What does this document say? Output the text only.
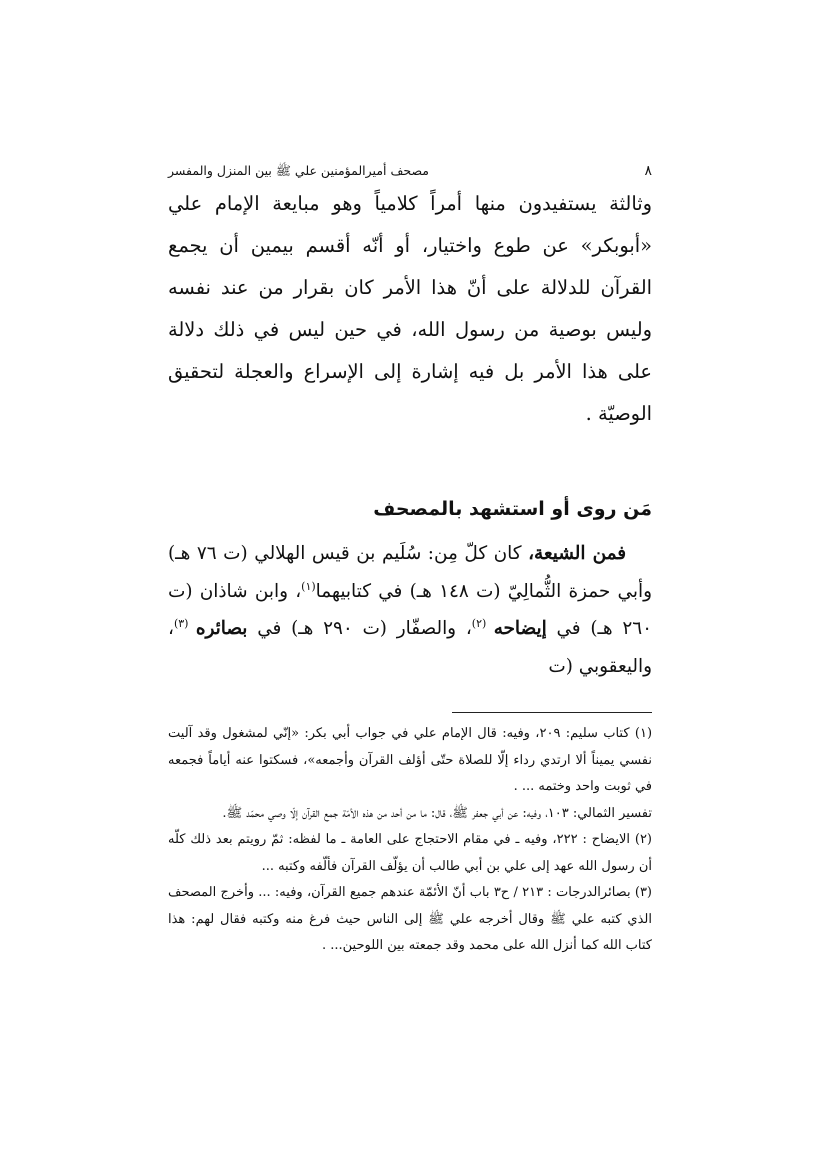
٨
مصحف أميرالمؤمنين علي ﷺ بين المنزل والمفسر

وثالثة يستفيدون منها أمراً كلامياً وهو مبايعة الإمام علي «أبوبكر» عن طوع واختيار، أو أنّه أقسم بيمين أن يجمع القرآن للدلالة على أنّ هذا الأمر كان بقرار من عند نفسه وليس بوصية من رسول الله، في حين ليس في ذلك دلالة على هذا الأمر بل فيه إشارة إلى الإسراع والعجلة لتحقيق الوصيّة .

مَن روى أو استشهد بالمصحف

فمن الشيعة، كان كلّ مِن: سُلَيم بن قيس الهلالي (ت ٧٦ هـ) وأبي حمزة الثُّمالِيّ (ت ١٤٨ هـ) في كتابيهما$^{(١)}$، وابن شاذان (ت ٢٦٠ هـ) في إيضاحه $^{(٢)}$، والصفّار (ت ٢٩٠ هـ) في بصائره $^{(٣)}$، واليعقوبي (ت

(١) كتاب سليم: ٢٠٩، وفيه: قال الإمام علي في جواب أبي بكر: «إنّي لمشغول وقد آليت نفسي يميناً ألا ارتدي رداء إلّا للصلاة حتّى أؤلف القرآن وأجمعه»، فسكتوا عنه أياماً فجمعه في ثوبت واحد وختمه ... .

تفسير الثمالي: ١٠٣، وفيه: عن أبي جعفر ﷺ، قال: ما من أحد من هذه الأمّة جمع القرآن إلّا وصي محمّد ﷺ.

(٢) الايضاح : ٢٢٢، وفيه ـ في مقام الاحتجاج على العامة ـ ما لفظه: ثمّ رويتم بعد ذلك كلّه أن رسول الله عهد إلى علي بن أبي طالب أن يؤلّف القرآن فألّفه وكتبه ...

(٣) بصائرالدرجات : ٢١٣ / ح٣ باب أنّ الأئمّة عندهم جميع القرآن، وفيه: ... وأخرج المصحف الذي كتبه علي ﷺ وقال أخرجه علي ﷺ إلى الناس حيث فرغ منه وكتبه فقال لهم: هذا كتاب الله كما أنزل الله على محمد وقد جمعته بين اللوحين... .
